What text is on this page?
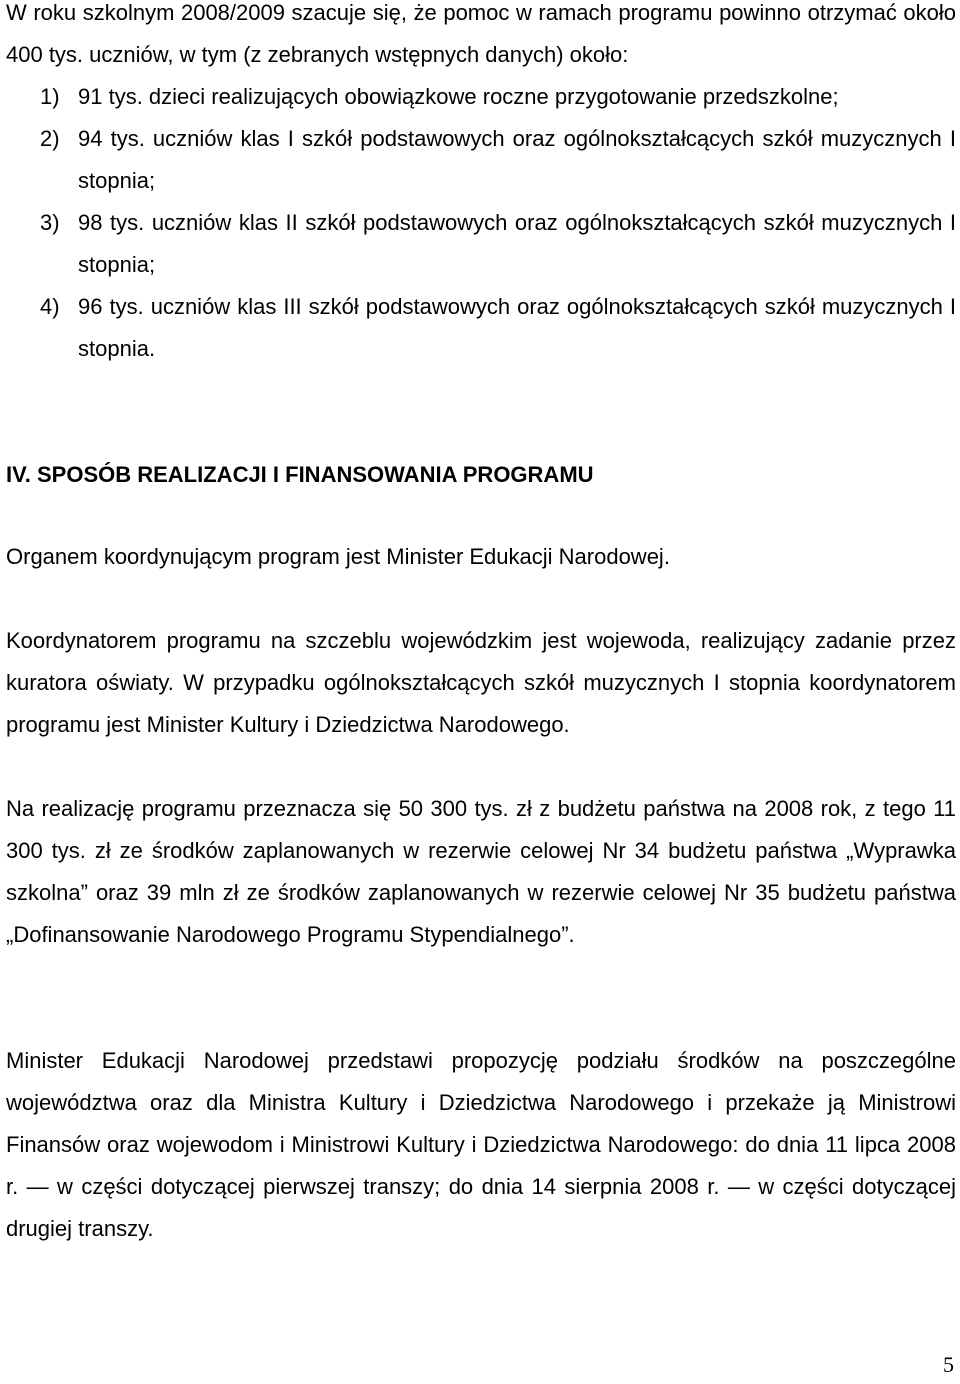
W roku szkolnym 2008/2009 szacuje się, że pomoc w ramach programu powinno otrzymać około 400 tys. uczniów, w tym (z zebranych wstępnych danych) około:

1) 91 tys. dzieci realizujących obowiązkowe roczne przygotowanie przedszkolne;
2) 94 tys. uczniów klas I szkół podstawowych oraz ogólnokształcących szkół muzycznych I stopnia;
3) 98 tys. uczniów klas II szkół podstawowych oraz ogólnokształcących szkół muzycznych I stopnia;
4) 96 tys. uczniów klas III szkół podstawowych oraz ogólnokształcących szkół muzycznych I stopnia.
IV. SPOSÓB REALIZACJI I FINANSOWANIA PROGRAMU

Organem koordynującym program jest Minister Edukacji Narodowej.

Koordynatorem programu na szczeblu wojewódzkim jest wojewoda, realizujący zadanie przez kuratora oświaty. W przypadku ogólnokształcących szkół muzycznych I stopnia koordynatorem programu jest Minister Kultury i Dziedzictwa Narodowego.

Na realizację programu przeznacza się 50 300 tys. zł z budżetu państwa na 2008 rok, z tego 11 300 tys. zł ze środków zaplanowanych w rezerwie celowej Nr 34 budżetu państwa „Wyprawka szkolna” oraz 39 mln zł ze środków zaplanowanych w rezerwie celowej Nr 35 budżetu państwa „Dofinansowanie Narodowego Programu Stypendialnego”.

Minister Edukacji Narodowej przedstawi propozycję podziału środków na poszczególne województwa oraz dla Ministra Kultury i Dziedzictwa Narodowego i przekaże ją Ministrowi Finansów oraz wojewodom i Ministrowi Kultury i Dziedzictwa Narodowego: do dnia 11 lipca 2008 r. — w części dotyczącej pierwszej transzy; do dnia 14 sierpnia 2008 r. — w części dotyczącej drugiej transzy.

5
